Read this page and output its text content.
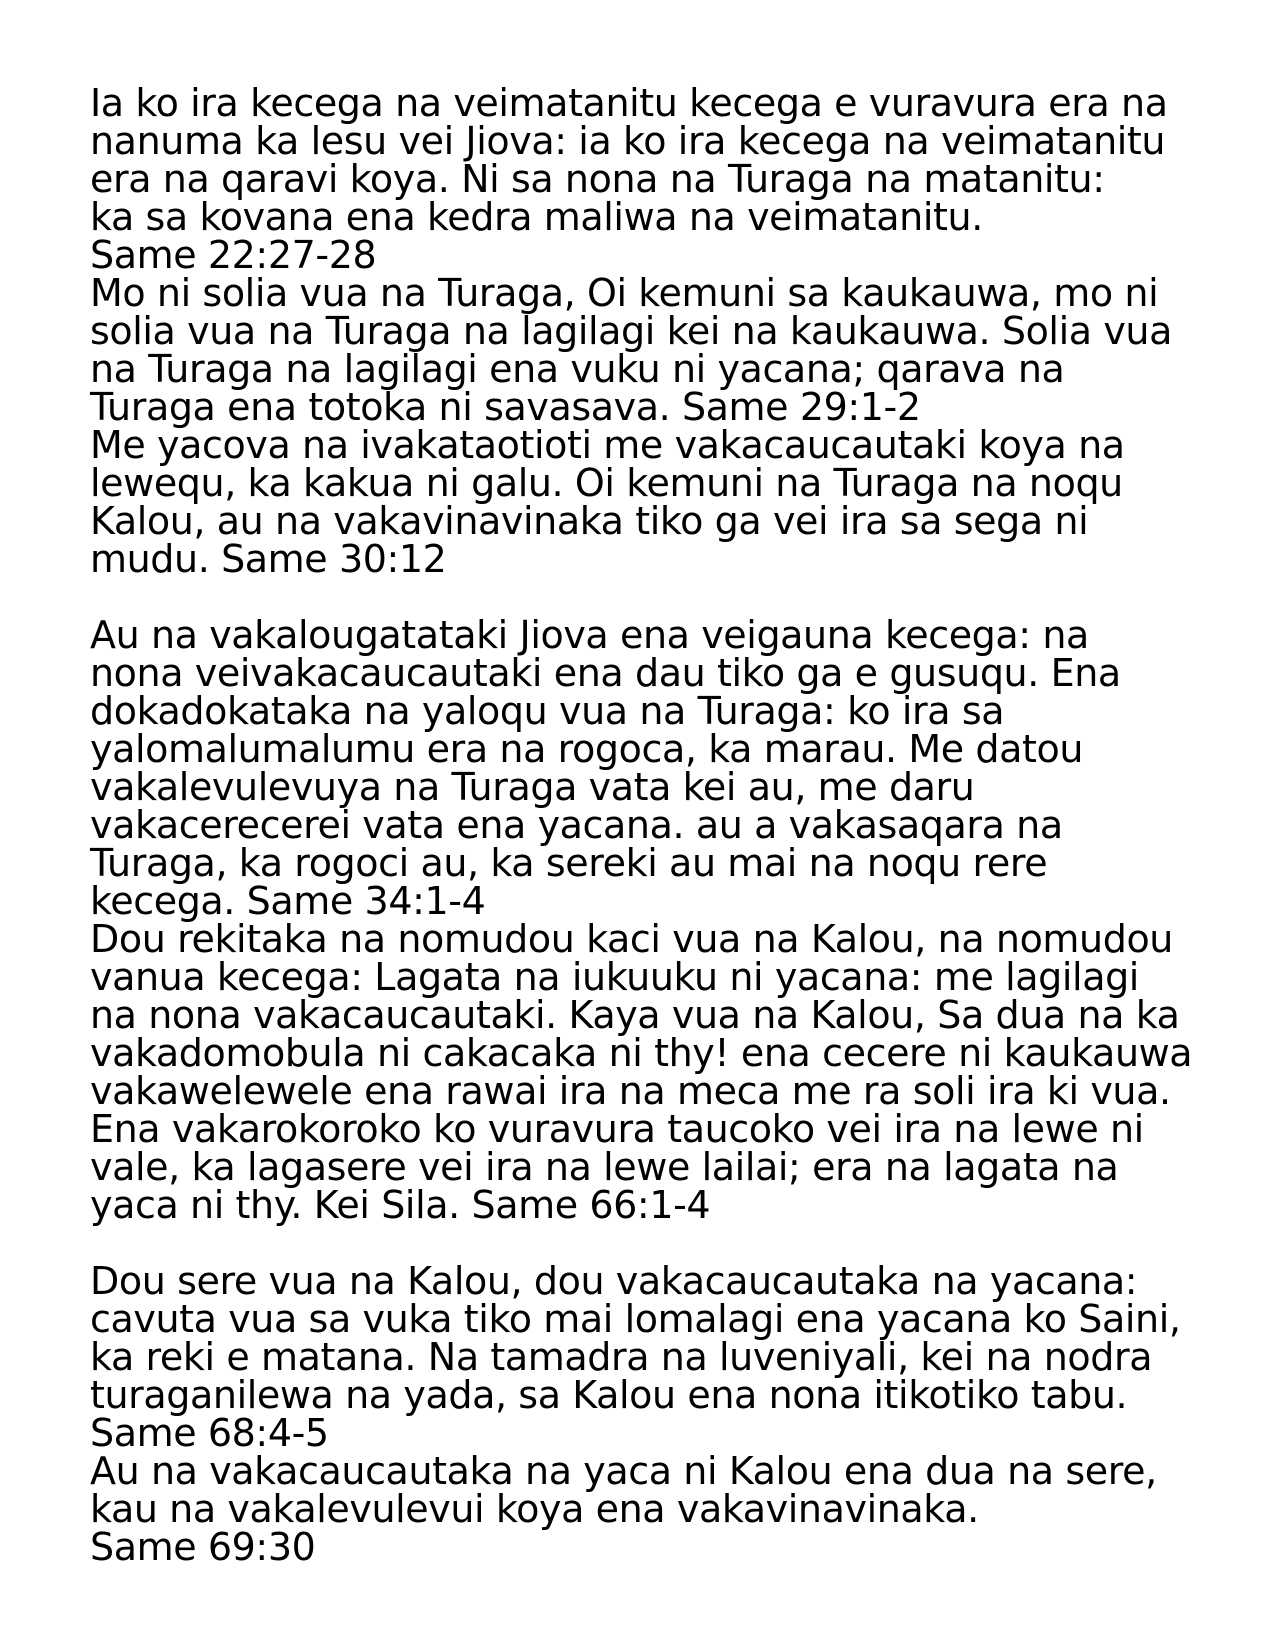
Ia ko ira kecega na veimatanitu kecega e vuravura era na
nanuma ka lesu vei Jiova: ia ko ira kecega na veimatanitu
era na qaravi koya. Ni sa nona na Turaga na matanitu:
ka sa kovana ena kedra maliwa na veimatanitu.
Same 22:27-28
Mo ni solia vua na Turaga, Oi kemuni sa kaukauwa, mo ni
solia vua na Turaga na lagilagi kei na kaukauwa. Solia vua
na Turaga na lagilagi ena vuku ni yacana; qarava na
Turaga ena totoka ni savasava. Same 29:1-2
Me yacova na ivakataotioti me vakacaucautaki koya na
lewequ, ka kakua ni galu. Oi kemuni na Turaga na noqu
Kalou, au na vakavinavinaka tiko ga vei ira sa sega ni
mudu. Same 30:12
Au na vakalougatataki Jiova ena veigauna kecega: na
nona veivakacaucautaki ena dau tiko ga e gusuqu. Ena
dokadokataka na yaloqu vua na Turaga: ko ira sa
yalomalumalumu era na rogoca, ka marau. Me datou
vakalevulevuya na Turaga vata kei au, me daru
vakacerecerei vata ena yacana. au a vakasaqara na
Turaga, ka rogoci au, ka sereki au mai na noqu rere
kecega. Same 34:1-4
Dou rekitaka na nomudou kaci vua na Kalou, na nomudou
vanua kecega: Lagata na iukuuku ni yacana: me lagilagi
na nona vakacaucautaki. Kaya vua na Kalou, Sa dua na ka
vakadomobula ni cakacaka ni thy! ena cecere ni kaukauwa
vakawelewele ena rawai ira na meca me ra soli ira ki vua.
Ena vakarokoroko ko vuravura taucoko vei ira na lewe ni
vale, ka lagasere vei ira na lewe lailai; era na lagata na
yaca ni thy. Kei Sila. Same 66:1-4
Dou sere vua na Kalou, dou vakacaucautaka na yacana:
cavuta vua sa vuka tiko mai lomalagi ena yacana ko Saini,
ka reki e matana. Na tamadra na luveniyali, kei na nodra
turaganilewa na yada, sa Kalou ena nona itikotiko tabu.
Same 68:4-5
Au na vakacaucautaka na yaca ni Kalou ena dua na sere,
kau na vakalevulevui koya ena vakavinavinaka.
Same 69:30
